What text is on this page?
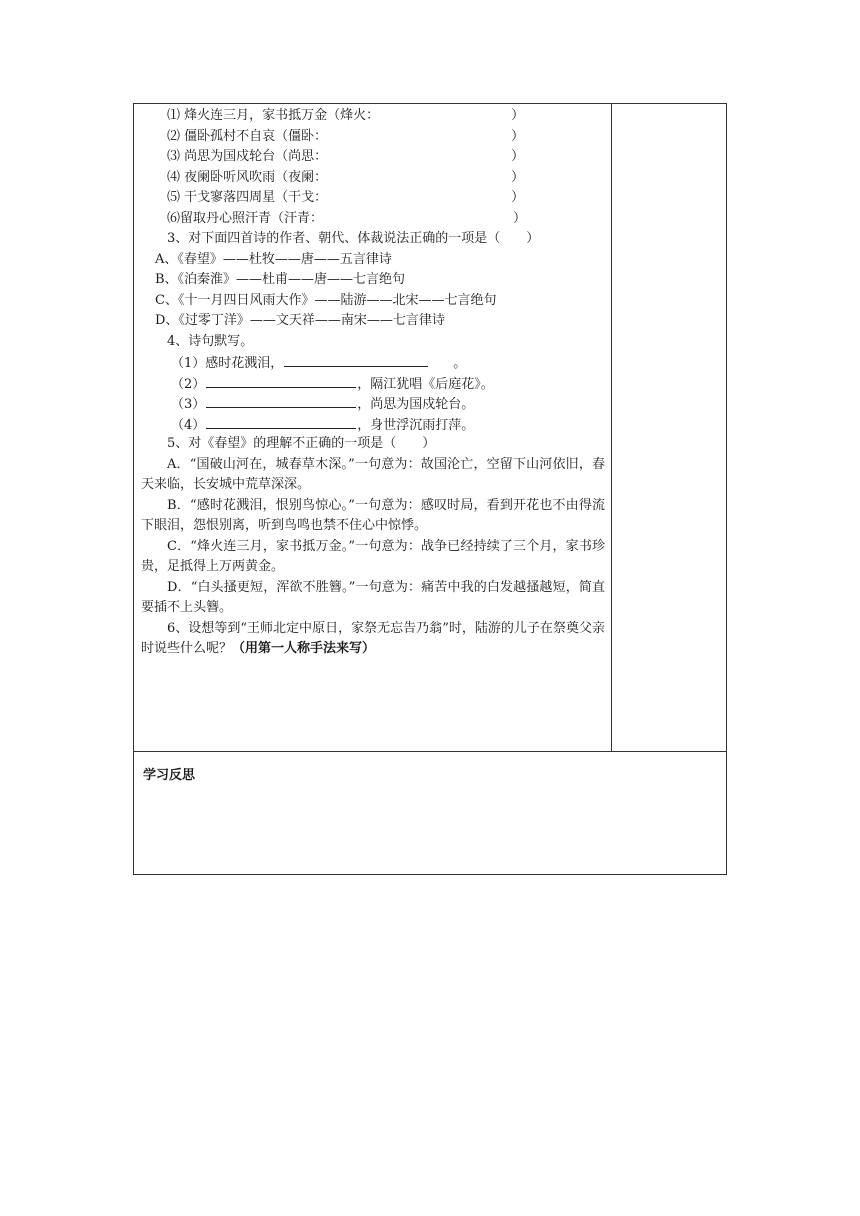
⑴ 烽火连三月，家书抵万金（烽火：	）
⑵ 僵卧孤村不自哀（僵卧：	）
⑶ 尚思为国戍轮台（尚思：	）
⑷ 夜阑卧听风吹雨（夜阑：	）
⑸ 干戈寥落四周星（干戈：	）
⑹留取丹心照汗青（汗青：	）
3、对下面四首诗的作者、朝代、体裁说法正确的一项是（　　）
A、《春望》——杜牧——唐——五言律诗
B、《泊秦淮》——杜甫——唐——七言绝句
C、《十一月四日风雨大作》——陆游——北宋——七言绝句
D、《过零丁洋》——文天祥——南宋——七言律诗
4、诗句默写。
（1）感时花溅泪，	。
（2）	，隔江犹唱《后庭花》。
（3）	，尚思为国戍轮台。
（4）	，身世浮沉雨打萍。
5、对《春望》的理解不正确的一项是（　　）
A．“国破山河在，城春草木深。”一句意为：故国沦亡，空留下山河依旧，春天来临，长安城中荒草深深。
B．“感时花溅泪，恨别鸟惊心。”一句意为：感叹时局，看到开花也不由得流下眼泪，怨恨别离，听到鸟鸣也禁不住心中惊悸。
C．“烽火连三月，家书抵万金。”一句意为：战争已经持续了三个月，家书珍贵，足抵得上万两黄金。
D．“白头搔更短，浑欲不胜簪。”一句意为：痛苦中我的白发越搔越短，简直要插不上头簪。
6、设想等到“王师北定中原日，家祭无忘告乃翁”时，陆游的儿子在祭奠父亲时说些什么呢？（用第一人称手法来写）
学习反思
